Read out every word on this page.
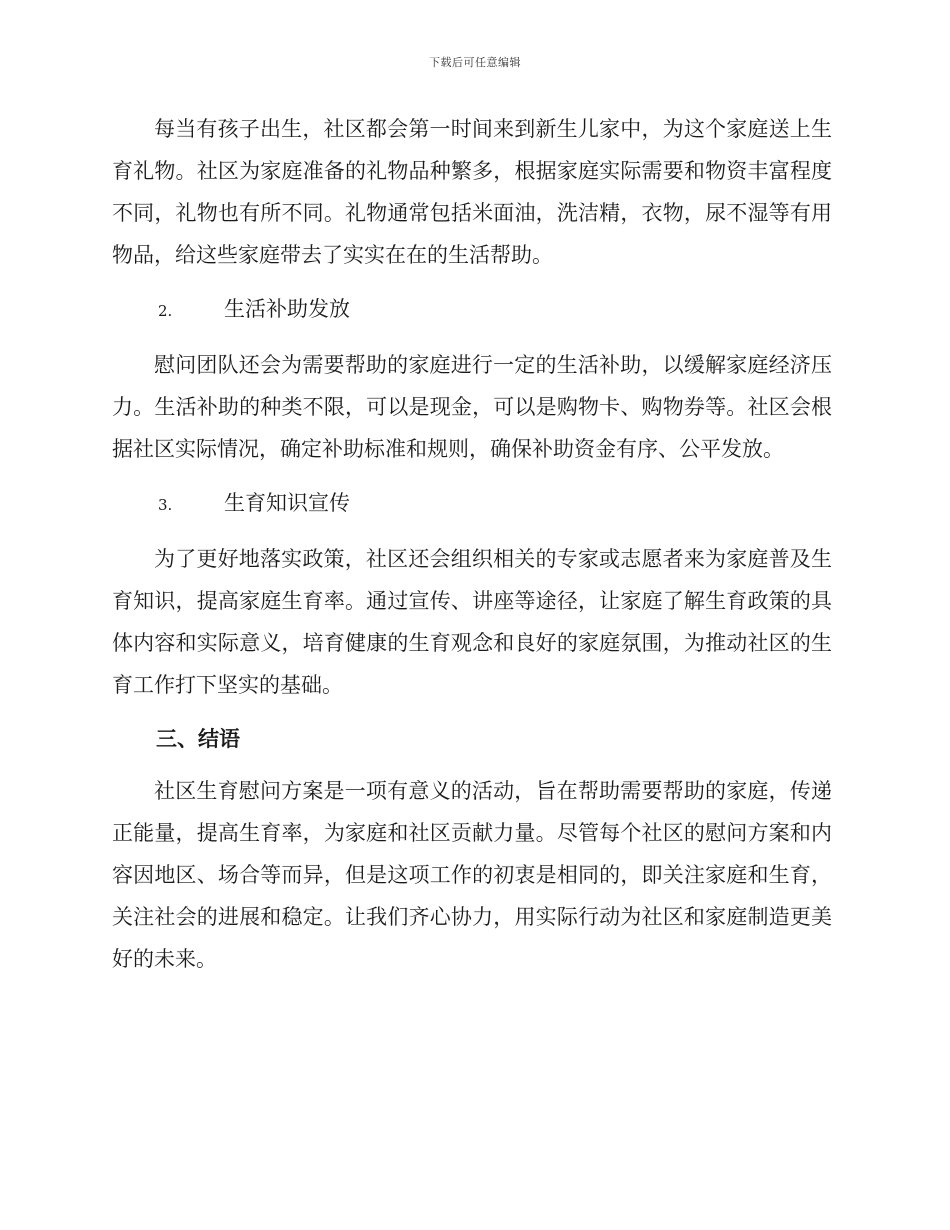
下载后可任意编辑

每当有孩子出生，社区都会第一时间来到新生儿家中，为这个家庭送上生育礼物。社区为家庭准备的礼物品种繁多，根据家庭实际需要和物资丰富程度不同，礼物也有所不同。礼物通常包括米面油，洗洁精，衣物，尿不湿等有用物品，给这些家庭带去了实实在在的生活帮助。

2.	生活补助发放

慰问团队还会为需要帮助的家庭进行一定的生活补助，以缓解家庭经济压力。生活补助的种类不限，可以是现金，可以是购物卡、购物券等。社区会根据社区实际情况，确定补助标准和规则，确保补助资金有序、公平发放。

3.	生育知识宣传

为了更好地落实政策，社区还会组织相关的专家或志愿者来为家庭普及生育知识，提高家庭生育率。通过宣传、讲座等途径，让家庭了解生育政策的具体内容和实际意义，培育健康的生育观念和良好的家庭氛围，为推动社区的生育工作打下坚实的基础。

三、结语

社区生育慰问方案是一项有意义的活动，旨在帮助需要帮助的家庭，传递正能量，提高生育率，为家庭和社区贡献力量。尽管每个社区的慰问方案和内容因地区、场合等而异，但是这项工作的初衷是相同的，即关注家庭和生育，关注社会的进展和稳定。让我们齐心协力，用实际行动为社区和家庭制造更美好的未来。
